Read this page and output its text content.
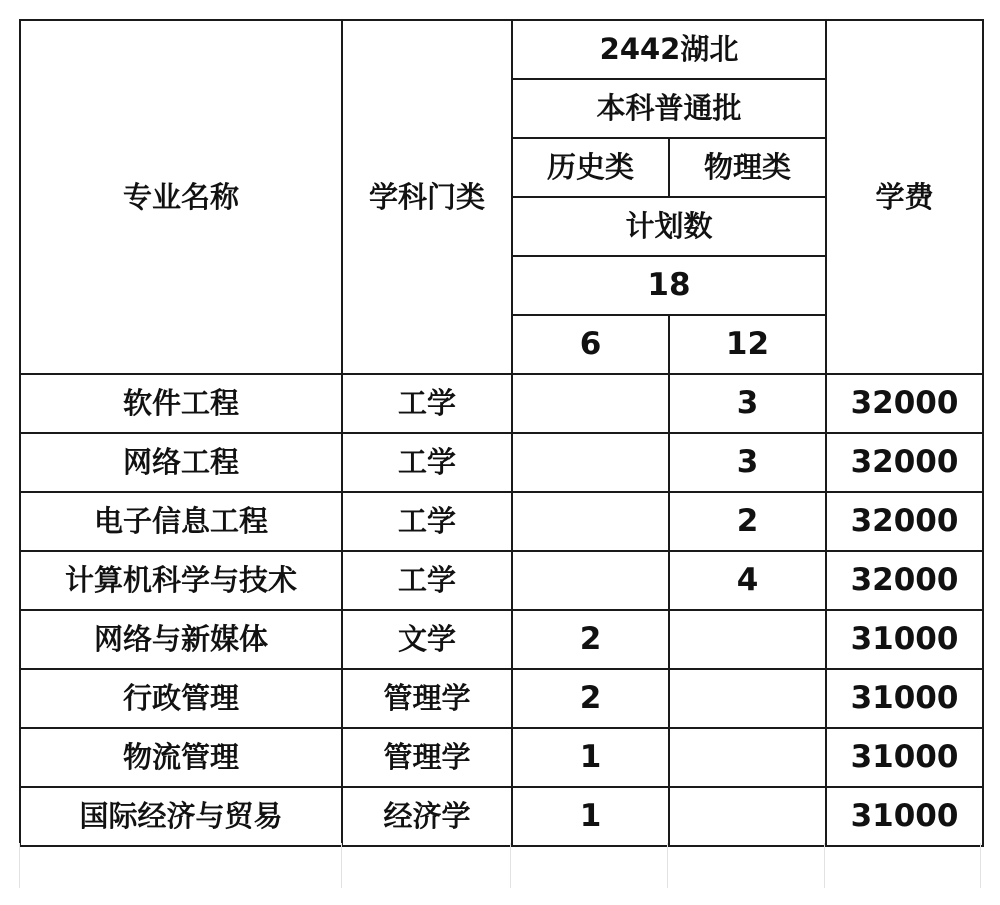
专业名称	学科门类	2442湖北		学费
		本科普通批		
		历史类	物理类	
		计划数		
		18		
		6	12	
软件工程	工学		3	32000
网络工程	工学		3	32000
电子信息工程	工学		2	32000
计算机科学与技术	工学		4	32000
网络与新媒体	文学	2		31000
行政管理	管理学	2		31000
物流管理	管理学	1		31000
国际经济与贸易	经济学	1		31000
